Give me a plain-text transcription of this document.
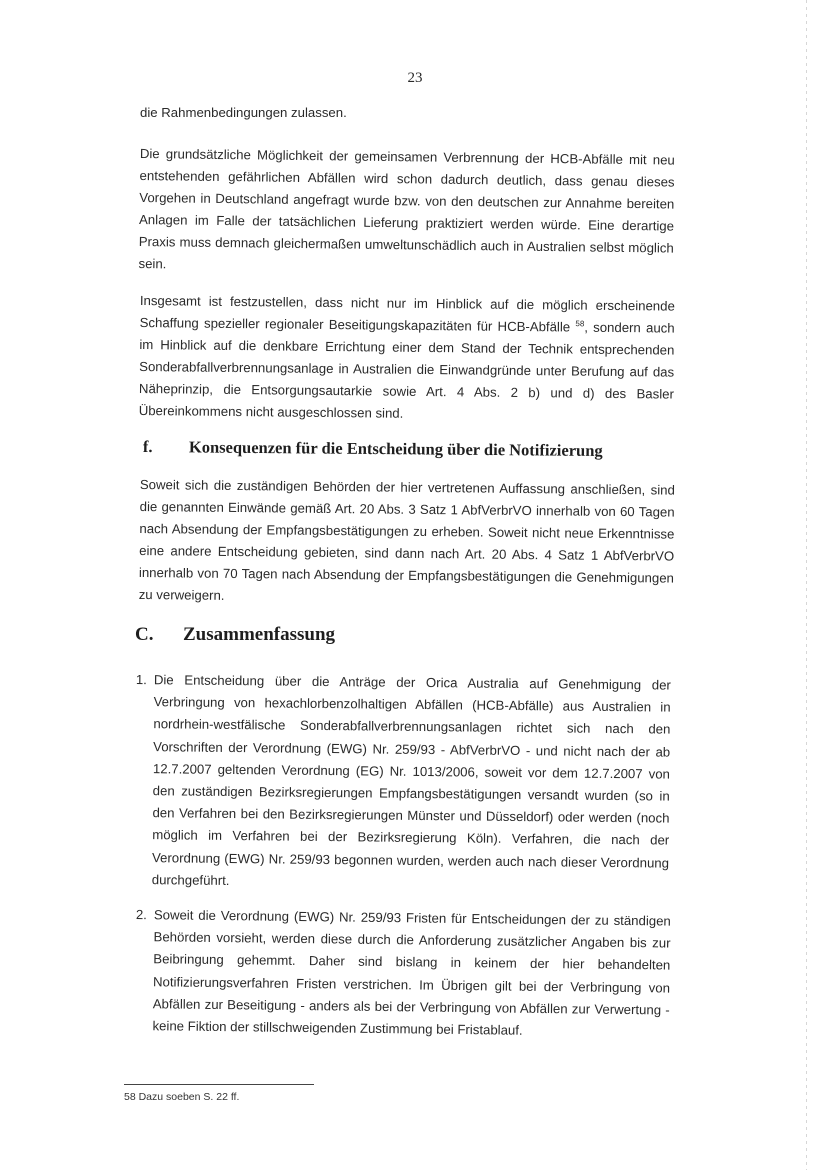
23

die Rahmenbedingungen zulassen.

Die grundsätzliche Möglichkeit der gemeinsamen Verbrennung der HCB-Abfälle mit neu entstehenden gefährlichen Abfällen wird schon dadurch deutlich, dass genau dieses Vorgehen in Deutschland angefragt wurde bzw. von den deutschen zur Annahme bereiten Anlagen im Falle der tatsächlichen Lieferung praktiziert werden würde. Eine derartige Praxis muss demnach gleichermaßen umweltunschädlich auch in Australien selbst möglich sein.

Insgesamt ist festzustellen, dass nicht nur im Hinblick auf die möglich erscheinende Schaffung spezieller regionaler Beseitigungskapazitäten für HCB-Abfälle $^{58}$, sondern auch im Hinblick auf die denkbare Errichtung einer dem Stand der Technik entsprechenden Sonderabfallverbrennungsanlage in Australien die Einwandgründe unter Berufung auf das Näheprinzip, die Entsorgungsautarkie sowie Art. 4 Abs. 2 b) und d) des Basler Übereinkommens nicht ausgeschlossen sind.

f. Konsequenzen für die Entscheidung über die Notifizierung

Soweit sich die zuständigen Behörden der hier vertretenen Auffassung anschließen, sind die genannten Einwände gemäß Art. 20 Abs. 3 Satz 1 AbfVerbrVO innerhalb von 60 Tagen nach Absendung der Empfangsbestätigungen zu erheben. Soweit nicht neue Erkenntnisse eine andere Entscheidung gebieten, sind dann nach Art. 20 Abs. 4 Satz 1 AbfVerbrVO innerhalb von 70 Tagen nach Absendung der Empfangsbestätigungen die Genehmigungen zu verweigern.

C. Zusammenfassung
1. Die Entscheidung über die Anträge der Orica Australia auf Genehmigung der Verbringung von hexachlorbenzolhaltigen Abfällen (HCB-Abfälle) aus Australien in nordrhein-westfälische Sonderabfallverbrennungsanlagen richtet sich nach den Vorschriften der Verordnung (EWG) Nr. 259/93 - AbfVerbrVO - und nicht nach der ab 12.7.2007 geltenden Verordnung (EG) Nr. 1013/2006, soweit vor dem 12.7.2007 von den zuständigen Bezirksregierungen Empfangsbestätigungen versandt wurden (so in den Verfahren bei den Bezirksregierungen Münster und Düsseldorf) oder werden (noch möglich im Verfahren bei der Bezirksregierung Köln). Verfahren, die nach der Verordnung (EWG) Nr. 259/93 begonnen wurden, werden auch nach dieser Verordnung durchgeführt.
2. Soweit die Verordnung (EWG) Nr. 259/93 Fristen für Entscheidungen der zu ständigen Behörden vorsieht, werden diese durch die Anforderung zusätzlicher Angaben bis zur Beibringung gehemmt. Daher sind bislang in keinem der hier behandelten Notifizierungsverfahren Fristen verstrichen. Im Übrigen gilt bei der Verbringung von Abfällen zur Beseitigung - anders als bei der Verbringung von Abfällen zur Verwertung - keine Fiktion der stillschweigenden Zustimmung bei Fristablauf.
58 Dazu soeben S. 22 ff.
